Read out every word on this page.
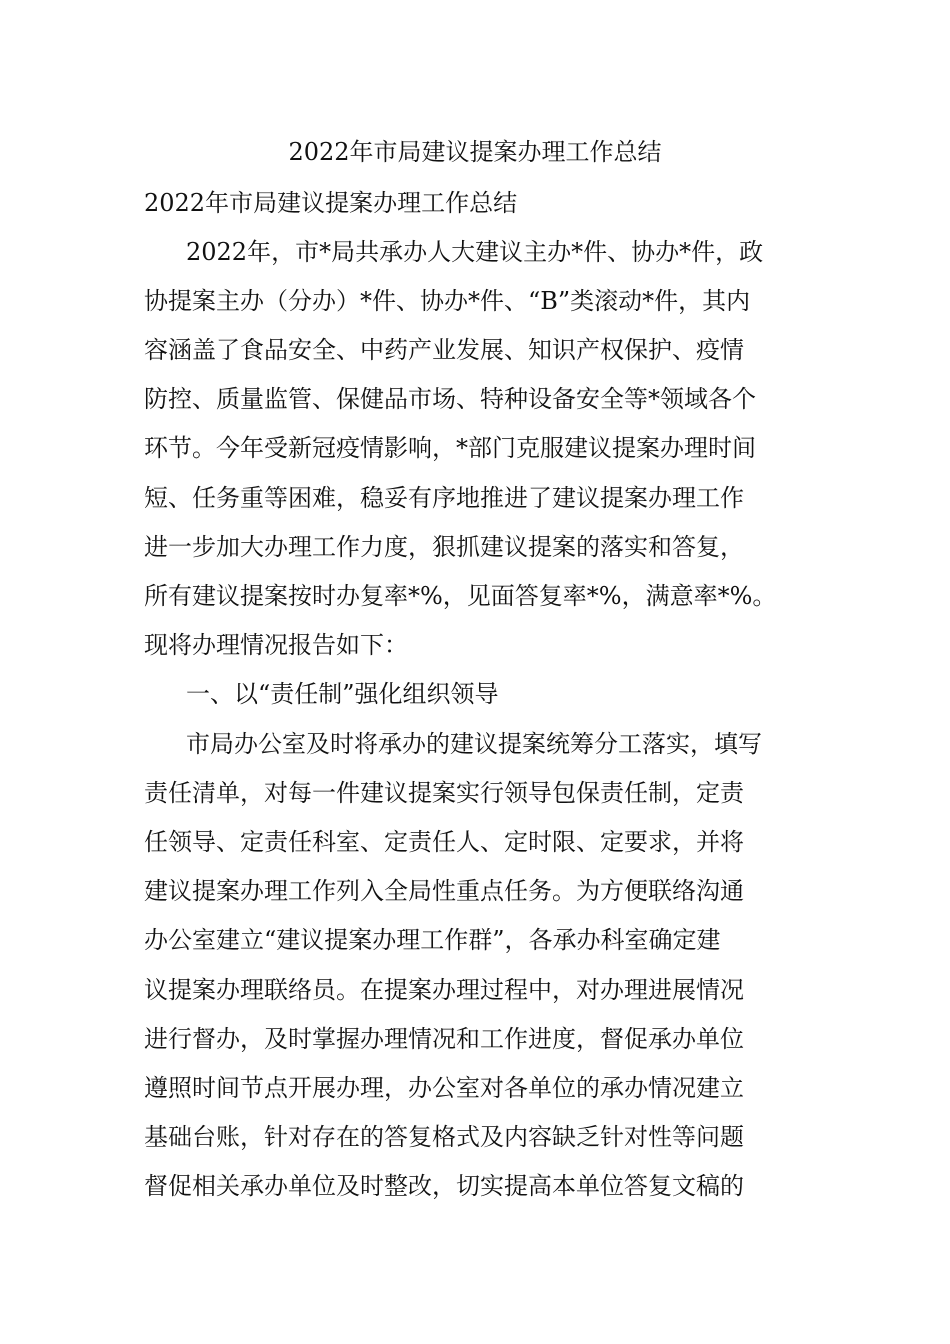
2022年市局建议提案办理工作总结
2022年市局建议提案办理工作总结
2022年，市*局共承办人大建议主办*件、协办*件，政
协提案主办（分办）*件、协办*件、“B”类滚动*件，其内
容涵盖了食品安全、中药产业发展、知识产权保护、疫情
防控、质量监管、保健品市场、特种设备安全等*领域各个
环节。今年受新冠疫情影响，*部门克服建议提案办理时间
短、任务重等困难，稳妥有序地推进了建议提案办理工作
进一步加大办理工作力度，狠抓建议提案的落实和答复，
所有建议提案按时办复率*%，见面答复率*%，满意率*%。
现将办理情况报告如下：
一、以“责任制”强化组织领导
市局办公室及时将承办的建议提案统筹分工落实，填写
责任清单，对每一件建议提案实行领导包保责任制，定责
任领导、定责任科室、定责任人、定时限、定要求，并将
建议提案办理工作列入全局性重点任务。为方便联络沟通
办公室建立“建议提案办理工作群”，各承办科室确定建
议提案办理联络员。在提案办理过程中，对办理进展情况
进行督办，及时掌握办理情况和工作进度，督促承办单位
遵照时间节点开展办理，办公室对各单位的承办情况建立
基础台账，针对存在的答复格式及内容缺乏针对性等问题
督促相关承办单位及时整改，切实提高本单位答复文稿的
